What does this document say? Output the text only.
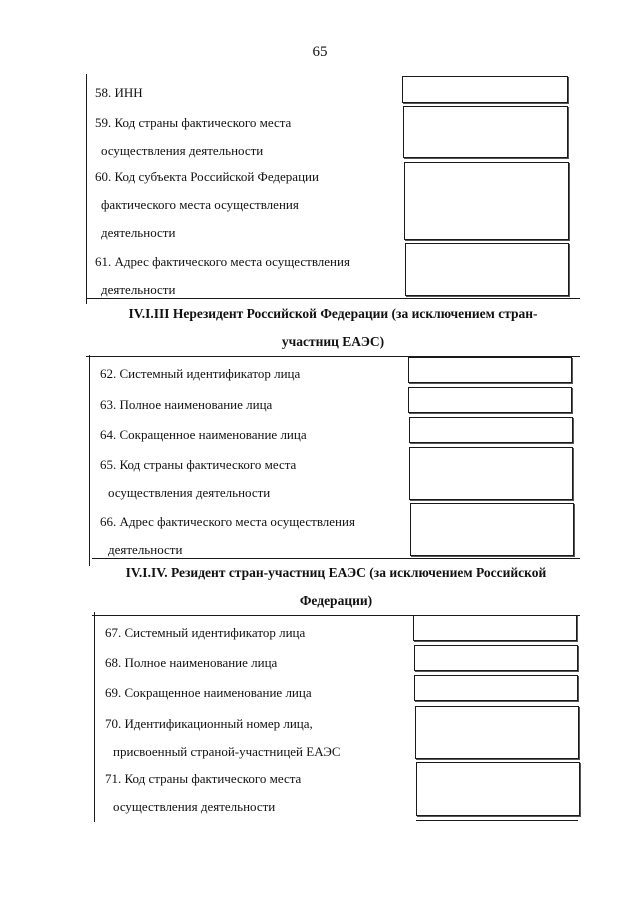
65
58. ИНН
59. Код страны фактического места
осуществления деятельности
60. Код субъекта Российской Федерации
фактического места осуществления
деятельности
61. Адрес фактического места осуществления
деятельности
IV.I.III Нерезидент Российской Федерации (за исключением стран-
участниц ЕАЭС)
62. Системный идентификатор лица
63. Полное наименование лица
64. Сокращенное наименование лица
65. Код страны фактического места
осуществления деятельности
66. Адрес фактического места осуществления
деятельности
IV.I.IV. Резидент стран-участниц ЕАЭС (за исключением Российской
Федерации)
67. Системный идентификатор лица
68. Полное наименование лица
69. Сокращенное наименование лица
70. Идентификационный номер лица,
присвоенный страной-участницей ЕАЭС
71. Код страны фактического места
осуществления деятельности
